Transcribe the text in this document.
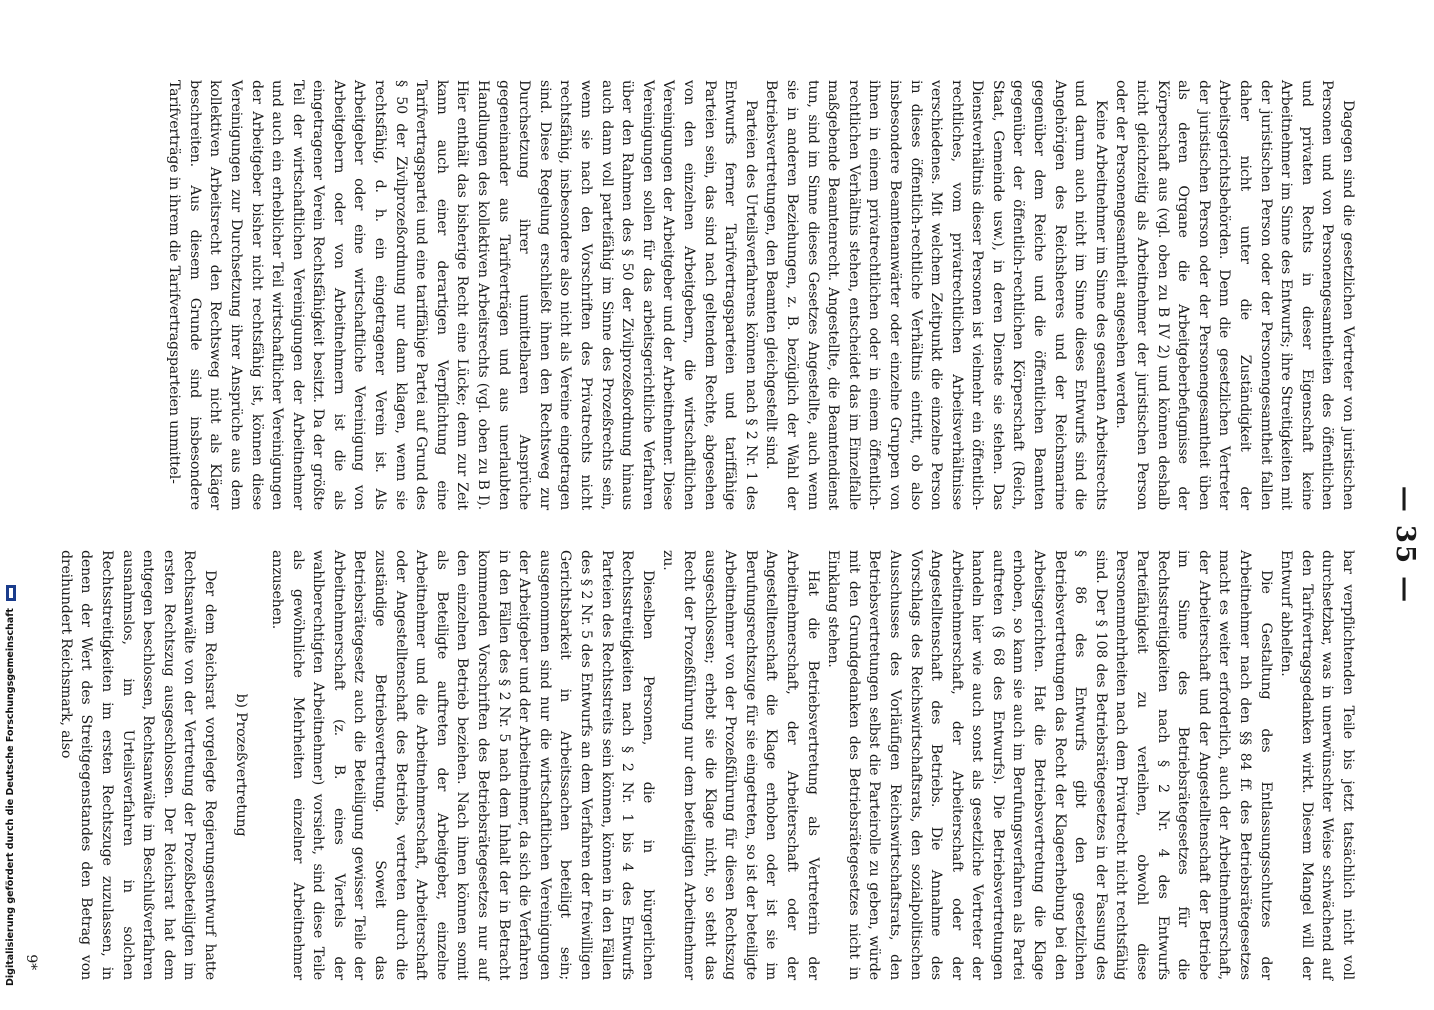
— 35 —

Dagegen sind die gesetzlichen Vertreter von juristischen Personen und von Personengesamtheiten des öffentlichen und privaten Rechts in dieser Eigenschaft keine Arbeitnehmer im Sinne des Entwurfs; ihre Streitigkeiten mit der juristischen Person oder der Personengesamtheit fallen daher nicht unter die Zuständigkeit der Arbeitsgerichtsbehörden. Denn die gesetzlichen Vertreter der juristischen Person oder der Personengesamtheit üben als deren Organe die Arbeitgeberbefugnisse der Körperschaft aus (vgl. oben zu B IV 2) und können deshalb nicht gleichzeitig als Arbeitnehmer der juristischen Person oder der Personengesamtheit angesehen werden.

Keine Arbeitnehmer im Sinne des gesamten Arbeitsrechts und darum auch nicht im Sinne dieses Entwurfs sind die Angehörigen des Reichsheeres und der Reichsmarine gegenüber dem Reiche und die öffentlichen Beamten gegenüber der öffentlich-rechtlichen Körperschaft (Reich, Staat, Gemeinde usw.), in deren Dienste sie stehen. Das Dienstverhältnis dieser Personen ist vielmehr ein öffentlich-rechtliches, vom privatrechtlichen Arbeitsverhältnisse verschiedenes. Mit welchem Zeitpunkt die einzelne Person in dieses öffentlich-rechtliche Verhältnis eintritt, ob also insbesondere Beamtenanwärter oder einzelne Gruppen von ihnen in einem privatrechtlichen oder in einem öffentlich-rechtlichen Verhältnis stehen, entscheidet das im Einzelfalle maßgebende Beamtenrecht. Angestellte, die Beamtendienst tun, sind im Sinne dieses Gesetzes Angestellte, auch wenn sie in anderen Beziehungen, z. B. bezüglich der Wahl der Betriebsvertretungen, den Beamten gleichgestellt sind.

Parteien des Urteilsverfahrens können nach § 2 Nr. 1 des Entwurfs ferner Tarifvertragsparteien und tariffähige Parteien sein, das sind nach geltendem Rechte, abgesehen von den einzelnen Arbeitgebern, die wirtschaftlichen Vereinigungen der Arbeitgeber und der Arbeitnehmer. Diese Vereinigungen sollen für das arbeitsgerichtliche Verfahren über den Rahmen des § 50 der Zivilprozeßordnung hinaus auch dann voll parteifähig im Sinne des Prozeßrechts sein, wenn sie nach den Vorschriften des Privatrechts nicht rechtsfähig, insbesondere also nicht als Vereine eingetragen sind. Diese Regelung erschließt ihnen den Rechtsweg zur Durchsetzung ihrer unmittelbaren Ansprüche gegeneinander aus Tarifverträgen und aus unerlaubten Handlungen des kollektiven Arbeitsrechts (vgl. oben zu B I). Hier enthält das bisherige Recht eine Lücke; denn zur Zeit kann auch einer derartigen Verpflichtung eine Tarifvertragspartei und eine tariffähige Partei auf Grund des § 50 der Zivilprozeßordnung nur dann klagen, wenn sie rechtsfähig, d. h. ein eingetragener Verein ist. Als Arbeitgeber oder eine wirtschaftliche Vereinigung von Arbeitgebern oder von Arbeitnehmern ist die als eingetragener Verein Rechtsfähigkeit besitzt. Da der größte Teil der wirtschaftlichen Vereinigungen der Arbeitnehmer und auch ein erheblicher Teil wirtschaftlicher Vereinigungen der Arbeitgeber bisher nicht rechtsfähig ist, können diese Vereinigungen zur Durchsetzung ihrer Ansprüche aus dem kollektiven Arbeitsrecht den Rechtsweg nicht als Kläger beschreiten. Aus diesem Grunde sind insbesondere Tarifverträge in ihrem die Tarifvertragsparteien unmittel-

bar verpflichtenden Teile bis jetzt tatsächlich nicht voll durchsetzbar, was in unerwünschter Weise schwächend auf den Tarifvertragsgedanken wirkt. Diesem Mangel will der Entwurf abhelfen.

Die Gestaltung des Entlassungsschutzes der Arbeitnehmer nach den §§ 84 ff. des Betriebsrätegesetzes macht es weiter erforderlich, auch der Arbeitnehmerschaft, der Arbeiterschaft und der Angestelltenschaft der Betriebe im Sinne des Betriebsrätegesetzes für die Rechtsstreitigkeiten nach § 2 Nr. 4 des Entwurfs Parteifähigkeit zu verleihen, obwohl diese Personenmehrheiten nach dem Privatrecht nicht rechtsfähig sind. Der § 108 des Betriebsrätegesetzes in der Fassung des § 86 des Entwurfs gibt den gesetzlichen Betriebsvertretungen das Recht der Klageerhebung bei den Arbeitsgerichten. Hat die Betriebsvertretung die Klage erhoben, so kann sie auch im Berufungsverfahren als Partei auftreten (§ 68 des Entwurfs). Die Betriebsvertretungen handeln hier wie auch sonst als gesetzliche Vertreter der Arbeitnehmerschaft, der Arbeiterschaft oder der Angestelltenschaft des Betriebs. Die Annahme des Vorschlags des Reichswirtschaftsrats, den sozialpolitischen Ausschusses des Vorläufigen Reichswirtschaftsrats, den Betriebsvertretungen selbst die Parteirolle zu geben, würde mit den Grundgedanken des Betriebsrätegesetzes nicht in Einklang stehen.

Hat die Betriebsvertretung als Vertreterin der Arbeitnehmerschaft, der Arbeiterschaft oder der Angestelltenschaft die Klage erhoben oder ist sie im Berufungsrechtszuge für sie eingetreten, so ist der beteiligte Arbeitnehmer von der Prozeßführung für diesen Rechtszug ausgeschlossen; erhebt sie die Klage nicht, so steht das Recht der Prozeßführung nur dem beteiligten Arbeitnehmer zu.

Dieselben Personen, die in bürgerlichen Rechtsstreitigkeiten nach § 2 Nr. 1 bis 4 des Entwurfs Parteien des Rechtsstreits sein können, können in den Fällen des § 2 Nr. 5 des Entwurfs an dem Verfahren der freiwilligen Gerichtsbarkeit in Arbeitssachen beteiligt sein; ausgenommen sind nur die wirtschaftlichen Vereinigungen der Arbeitgeber und der Arbeitnehmer, da sich die Verfahren in den Fällen des § 2 Nr. 5 nach dem Inhalt der in Betracht kommenden Vorschriften des Betriebsrätegesetzes nur auf den einzelnen Betrieb beziehen. Nach ihnen können somit als Beteiligte auftreten der Arbeitgeber, einzelne Arbeitnehmer und die Arbeitnehmerschaft, Arbeiterschaft oder Angestelltenschaft des Betriebs, vertreten durch die zuständige Betriebsvertretung. Soweit das Betriebsrätegesetz auch die Beteiligung gewisser Teile der Arbeitnehmerschaft (z. B. eines Viertels der wahlberechtigten Arbeitnehmer) vorsieht, sind diese Teile als gewöhnliche Mehrheiten einzelner Arbeitnehmer anzusehen.

b) Prozeßvertretung

Der dem Reichsrat vorgelegte Regierungsentwurf hatte Rechtsanwälte von der Vertretung der Prozeßbeteiligten im ersten Rechtszug ausgeschlossen. Der Reichsrat hat dem entgegen beschlossen, Rechtsanwälte im Beschlußverfahren ausnahmslos, im Urteilsverfahren in solchen Rechtsstreitigkeiten im ersten Rechtszuge zuzulassen, in denen der Wert des Streitgegenstandes den Betrag von dreihundert Reichsmark, also

9*

Digitalisierung gefördert durch die Deutsche Forschungsgemeinschaft
